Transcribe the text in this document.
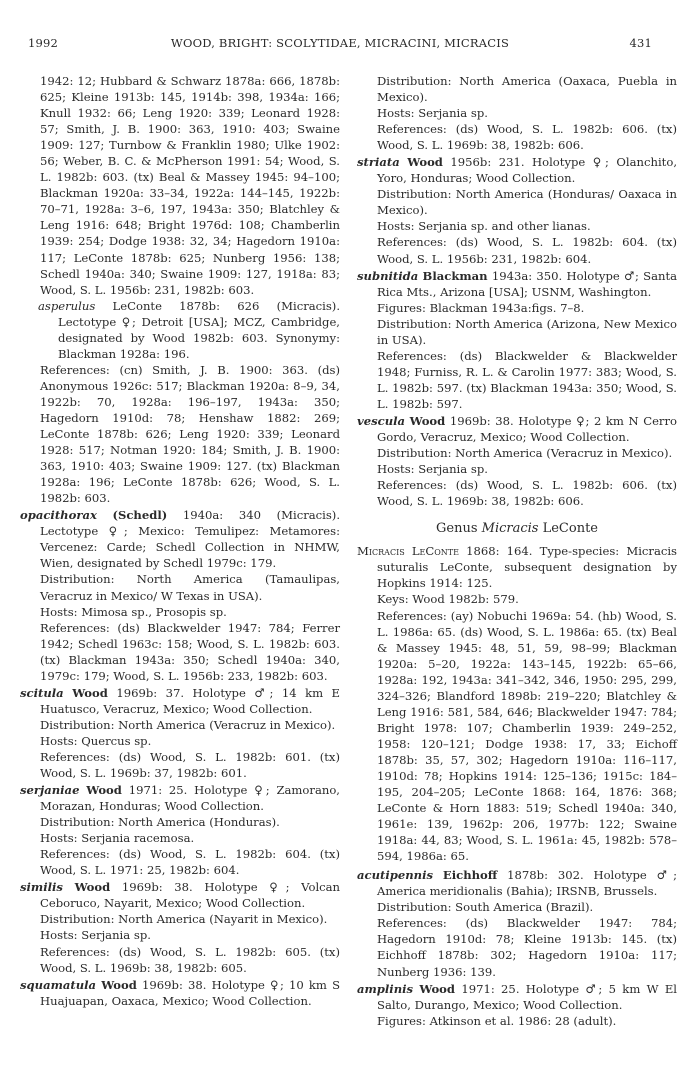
1992	WOOD, BRIGHT: SCOLYTIDAE, MICRACINI, MICRACIS	431

1942: 12; Hubbard & Schwarz 1878a: 666, 1878b: 625; Kleine 1913b: 145, 1914b: 398, 1934a: 166; Knull 1932: 66; Leng 1920: 339; Leonard 1928: 57; Smith, J. B. 1900: 363, 1910: 403; Swaine 1909: 127; Turnbow & Franklin 1980; Ulke 1902: 56; Weber, B. C. & McPherson 1991: 54; Wood, S. L. 1982b: 603. (tx) Beal & Massey 1945: 94–100; Blackman 1920a: 33–34, 1922a: 144–145, 1922b: 70–71, 1928a: 3–6, 197, 1943a: 350; Blatchley & Leng 1916: 648; Bright 1976d: 108; Chamberlin 1939: 254; Dodge 1938: 32, 34; Hagedorn 1910a: 117; LeConte 1878b: 625; Nunberg 1956: 138; Schedl 1940a: 340; Swaine 1909: 127, 1918a: 83; Wood, S. L. 1956b: 231, 1982b: 603.

asperulus LeConte 1878b: 626 (Micracis). Lectotype ♀; Detroit [USA]; MCZ, Cambridge, designated by Wood 1982b: 603. Synonymy: Blackman 1928a: 196.

References: (cn) Smith, J. B. 1900: 363. (ds) Anonymous 1926c: 517; Blackman 1920a: 8–9, 34, 1922b: 70, 1928a: 196–197, 1943a: 350; Hagedorn 1910d: 78; Henshaw 1882: 269; LeConte 1878b: 626; Leng 1920: 339; Leonard 1928: 517; Notman 1920: 184; Smith, J. B. 1900: 363, 1910: 403; Swaine 1909: 127. (tx) Blackman 1928a: 196; LeConte 1878b: 626; Wood, S. L. 1982b: 603.

opacithorax (Schedl) 1940a: 340 (Micracis). Lectotype ♀; Mexico: Temulipez: Metamores: Vercenez: Carde; Schedl Collection in NHMW, Wien, designated by Schedl 1979c: 179.

Distribution: North America (Tamaulipas, Veracruz in Mexico/ W Texas in USA).

Hosts: Mimosa sp., Prosopis sp.

References: (ds) Blackwelder 1947: 784; Ferrer 1942; Schedl 1963c: 158; Wood, S. L. 1982b: 603. (tx) Blackman 1943a: 350; Schedl 1940a: 340, 1979c: 179; Wood, S. L. 1956b: 233, 1982b: 603.

scitula Wood 1969b: 37. Holotype ♂; 14 km E Huatusco, Veracruz, Mexico; Wood Collection.

Distribution: North America (Veracruz in Mexico).

Hosts: Quercus sp.

References: (ds) Wood, S. L. 1982b: 601. (tx) Wood, S. L. 1969b: 37, 1982b: 601.

serjaniae Wood 1971: 25. Holotype ♀; Zamorano, Morazan, Honduras; Wood Collection.

Distribution: North America (Honduras).

Hosts: Serjania racemosa.

References: (ds) Wood, S. L. 1982b: 604. (tx) Wood, S. L. 1971: 25, 1982b: 604.

similis Wood 1969b: 38. Holotype ♀; Volcan Ceboruco, Nayarit, Mexico; Wood Collection.

Distribution: North America (Nayarit in Mexico).

Hosts: Serjania sp.

References: (ds) Wood, S. L. 1982b: 605. (tx) Wood, S. L. 1969b: 38, 1982b: 605.

squamatula Wood 1969b: 38. Holotype ♀; 10 km S Huajuapan, Oaxaca, Mexico; Wood Collection.

Distribution: North America (Oaxaca, Puebla in Mexico).

Hosts: Serjania sp.

References: (ds) Wood, S. L. 1982b: 606. (tx) Wood, S. L. 1969b: 38, 1982b: 606.

striata Wood 1956b: 231. Holotype ♀; Olanchito, Yoro, Honduras; Wood Collection.

Distribution: North America (Honduras/ Oaxaca in Mexico).

Hosts: Serjania sp. and other lianas.

References: (ds) Wood, S. L. 1982b: 604. (tx) Wood, S. L. 1956b: 231, 1982b: 604.

subnitida Blackman 1943a: 350. Holotype ♂; Santa Rica Mts., Arizona [USA]; USNM, Washington.

Figures: Blackman 1943a:figs. 7–8.

Distribution: North America (Arizona, New Mexico in USA).

References: (ds) Blackwelder & Blackwelder 1948; Furniss, R. L. & Carolin 1977: 383; Wood, S. L. 1982b: 597. (tx) Blackman 1943a: 350; Wood, S. L. 1982b: 597.

vescula Wood 1969b: 38. Holotype ♀; 2 km N Cerro Gordo, Veracruz, Mexico; Wood Collection.

Distribution: North America (Veracruz in Mexico).

Hosts: Serjania sp.

References: (ds) Wood, S. L. 1982b: 606. (tx) Wood, S. L. 1969b: 38, 1982b: 606.

Genus Micracis LeConte

Micracis LeConte 1868: 164. Type-species: Micracis suturalis LeConte, subsequent designation by Hopkins 1914: 125.

Keys: Wood 1982b: 579.

References: (ay) Nobuchi 1969a: 54. (hb) Wood, S. L. 1986a: 65. (ds) Wood, S. L. 1986a: 65. (tx) Beal & Massey 1945: 48, 51, 59, 98–99; Blackman 1920a: 5–20, 1922a: 143–145, 1922b: 65–66, 1928a: 192, 1943a: 341–342, 346, 1950: 295, 299, 324–326; Blandford 1898b: 219–220; Blatchley & Leng 1916: 581, 584, 646; Blackwelder 1947: 784; Bright 1978: 107; Chamberlin 1939: 249–252, 1958: 120–121; Dodge 1938: 17, 33; Eichoff 1878b: 35, 57, 302; Hagedorn 1910a: 116–117, 1910d: 78; Hopkins 1914: 125–136; 1915c: 184–195, 204–205; LeConte 1868: 164, 1876: 368; LeConte & Horn 1883: 519; Schedl 1940a: 340, 1961e: 139, 1962p: 206, 1977b: 122; Swaine 1918a: 44, 83; Wood, S. L. 1961a: 45, 1982b: 578–594, 1986a: 65.

acutipennis Eichhoff 1878b: 302. Holotype ♂; America meridionalis (Bahia); IRSNB, Brussels.

Distribution: South America (Brazil).

References: (ds) Blackwelder 1947: 784; Hagedorn 1910d: 78; Kleine 1913b: 145. (tx) Eichhoff 1878b: 302; Hagedorn 1910a: 117; Nunberg 1936: 139.

amplinis Wood 1971: 25. Holotype ♂; 5 km W El Salto, Durango, Mexico; Wood Collection.

Figures: Atkinson et al. 1986: 28 (adult).
